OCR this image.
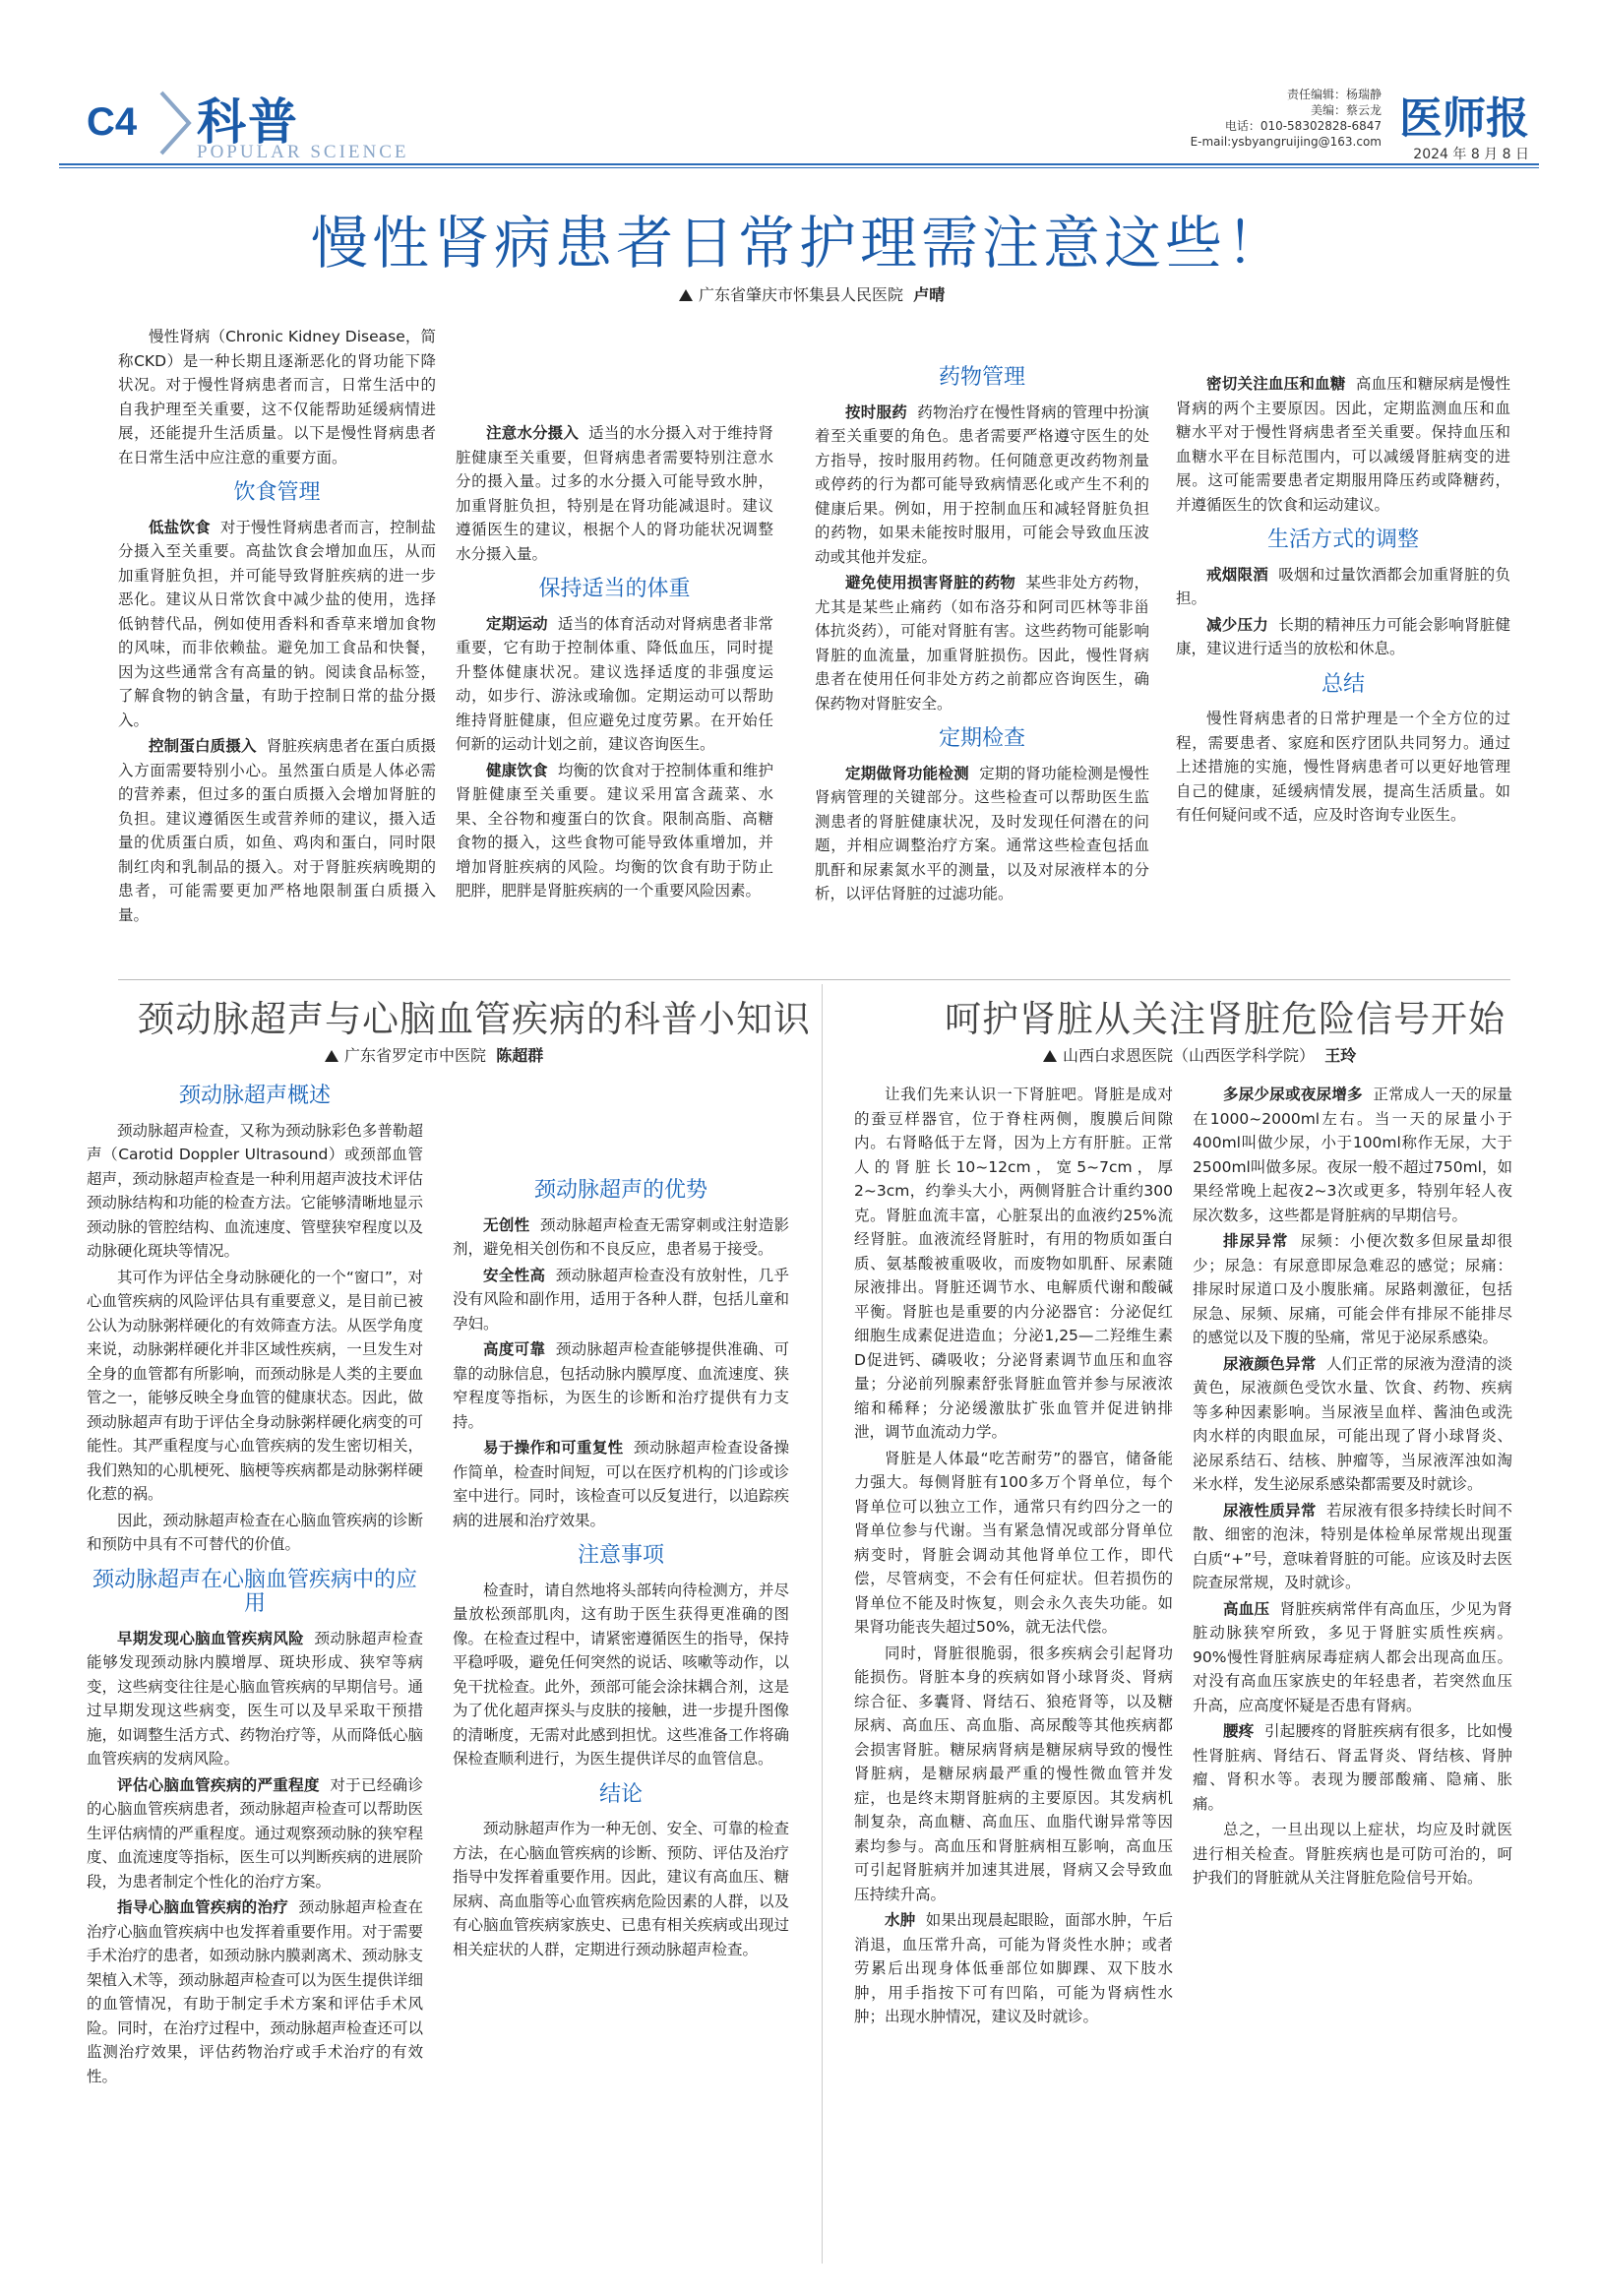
C4 科普
POPULAR SCIENCE
责任编辑：杨瑞静
美编：蔡云龙
电话：010-58302828-6847
E-mail:ysbyangruijing@163.com 医师报
2024 年 8 月 8 日
慢性肾病患者日常护理需注意这些！
广东省肇庆市怀集县人民医院 卢晴

慢性肾病（Chronic Kidney Disease，简称CKD）是一种长期且逐渐恶化的肾功能下降状况。对于慢性肾病患者而言，日常生活中的自我护理至关重要，这不仅能帮助延缓病情进展，还能提升生活质量。以下是慢性肾病患者在日常生活中应注意的重要方面。

饮食管理

低盐饮食 对于慢性肾病患者而言，控制盐分摄入至关重要。高盐饮食会增加血压，从而加重肾脏负担，并可能导致肾脏疾病的进一步恶化。建议从日常饮食中减少盐的使用，选择低钠替代品，例如使用香料和香草来增加食物的风味，而非依赖盐。避免加工食品和快餐，因为这些通常含有高量的钠。阅读食品标签，了解食物的钠含量，有助于控制日常的盐分摄入。

控制蛋白质摄入 肾脏疾病患者在蛋白质摄入方面需要特别小心。虽然蛋白质是人体必需的营养素，但过多的蛋白质摄入会增加肾脏的负担。建议遵循医生或营养师的建议，摄入适量的优质蛋白质，如鱼、鸡肉和蛋白，同时限制红肉和乳制品的摄入。对于肾脏疾病晚期的患者，可能需要更加严格地限制蛋白质摄入量。

注意水分摄入 适当的水分摄入对于维持肾脏健康至关重要，但肾病患者需要特别注意水分的摄入量。过多的水分摄入可能导致水肿，加重肾脏负担，特别是在肾功能减退时。建议遵循医生的建议，根据个人的肾功能状况调整水分摄入量。

保持适当的体重

定期运动 适当的体育活动对肾病患者非常重要，它有助于控制体重、降低血压，同时提升整体健康状况。建议选择适度的非强度运动，如步行、游泳或瑜伽。定期运动可以帮助维持肾脏健康，但应避免过度劳累。在开始任何新的运动计划之前，建议咨询医生。

健康饮食 均衡的饮食对于控制体重和维护肾脏健康至关重要。建议采用富含蔬菜、水果、全谷物和瘦蛋白的饮食。限制高脂、高糖食物的摄入，这些食物可能导致体重增加，并增加肾脏疾病的风险。均衡的饮食有助于防止肥胖，肥胖是肾脏疾病的一个重要风险因素。

药物管理

按时服药 药物治疗在慢性肾病的管理中扮演着至关重要的角色。患者需要严格遵守医生的处方指导，按时服用药物。任何随意更改药物剂量或停药的行为都可能导致病情恶化或产生不利的健康后果。例如，用于控制血压和减轻肾脏负担的药物，如果未能按时服用，可能会导致血压波动或其他并发症。

避免使用损害肾脏的药物 某些非处方药物，尤其是某些止痛药（如布洛芬和阿司匹林等非甾体抗炎药），可能对肾脏有害。这些药物可能影响肾脏的血流量，加重肾脏损伤。因此，慢性肾病患者在使用任何非处方药之前都应咨询医生，确保药物对肾脏安全。

定期检查

定期做肾功能检测 定期的肾功能检测是慢性肾病管理的关键部分。这些检查可以帮助医生监测患者的肾脏健康状况，及时发现任何潜在的问题，并相应调整治疗方案。通常这些检查包括血肌酐和尿素氮水平的测量，以及对尿液样本的分析，以评估肾脏的过滤功能。

密切关注血压和血糖 高血压和糖尿病是慢性肾病的两个主要原因。因此，定期监测血压和血糖水平对于慢性肾病患者至关重要。保持血压和血糖水平在目标范围内，可以减缓肾脏病变的进展。这可能需要患者定期服用降压药或降糖药，并遵循医生的饮食和运动建议。

生活方式的调整

戒烟限酒 吸烟和过量饮酒都会加重肾脏的负担。

减少压力 长期的精神压力可能会影响肾脏健康，建议进行适当的放松和休息。

总结

慢性肾病患者的日常护理是一个全方位的过程，需要患者、家庭和医疗团队共同努力。通过上述措施的实施，慢性肾病患者可以更好地管理自己的健康，延缓病情发展，提高生活质量。如有任何疑问或不适，应及时咨询专业医生。

颈动脉超声与心脑血管疾病的科普小知识
广东省罗定市中医院 陈超群
颈动脉超声概述

颈动脉超声检查，又称为颈动脉彩色多普勒超声（Carotid Doppler Ultrasound）或颈部血管超声，颈动脉超声检查是一种利用超声波技术评估颈动脉结构和功能的检查方法。它能够清晰地显示颈动脉的管腔结构、血流速度、管壁狭窄程度以及动脉硬化斑块等情况。

其可作为评估全身动脉硬化的一个“窗口”，对心血管疾病的风险评估具有重要意义，是目前已被公认为动脉粥样硬化的有效筛查方法。从医学角度来说，动脉粥样硬化并非区域性疾病，一旦发生对全身的血管都有所影响，而颈动脉是人类的主要血管之一，能够反映全身血管的健康状态。因此，做颈动脉超声有助于评估全身动脉粥样硬化病变的可能性。其严重程度与心血管疾病的发生密切相关，我们熟知的心肌梗死、脑梗等疾病都是动脉粥样硬化惹的祸。

因此，颈动脉超声检查在心脑血管疾病的诊断和预防中具有不可替代的价值。

颈动脉超声在心脑血管疾病中的应用

早期发现心脑血管疾病风险 颈动脉超声检查能够发现颈动脉内膜增厚、斑块形成、狭窄等病变，这些病变往往是心脑血管疾病的早期信号。通过早期发现这些病变，医生可以及早采取干预措施，如调整生活方式、药物治疗等，从而降低心脑血管疾病的发病风险。

评估心脑血管疾病的严重程度 对于已经确诊的心脑血管疾病患者，颈动脉超声检查可以帮助医生评估病情的严重程度。通过观察颈动脉的狭窄程度、血流速度等指标，医生可以判断疾病的进展阶段，为患者制定个性化的治疗方案。

指导心脑血管疾病的治疗 颈动脉超声检查在治疗心脑血管疾病中也发挥着重要作用。对于需要手术治疗的患者，如颈动脉内膜剥离术、颈动脉支架植入术等，颈动脉超声检查可以为医生提供详细的血管情况，有助于制定手术方案和评估手术风险。同时，在治疗过程中，颈动脉超声检查还可以监测治疗效果，评估药物治疗或手术治疗的有效性。

颈动脉超声的优势

无创性 颈动脉超声检查无需穿刺或注射造影剂，避免相关创伤和不良反应，患者易于接受。

安全性高 颈动脉超声检查没有放射性，几乎没有风险和副作用，适用于各种人群，包括儿童和孕妇。

高度可靠 颈动脉超声检查能够提供准确、可靠的动脉信息，包括动脉内膜厚度、血流速度、狭窄程度等指标，为医生的诊断和治疗提供有力支持。

易于操作和可重复性 颈动脉超声检查设备操作简单，检查时间短，可以在医疗机构的门诊或诊室中进行。同时，该检查可以反复进行，以追踪疾病的进展和治疗效果。

注意事项

检查时，请自然地将头部转向待检测方，并尽量放松颈部肌肉，这有助于医生获得更准确的图像。在检查过程中，请紧密遵循医生的指导，保持平稳呼吸，避免任何突然的说话、咳嗽等动作，以免干扰检查。此外，颈部可能会涂抹耦合剂，这是为了优化超声探头与皮肤的接触，进一步提升图像的清晰度，无需对此感到担忧。这些准备工作将确保检查顺利进行，为医生提供详尽的血管信息。

结论

颈动脉超声作为一种无创、安全、可靠的检查方法，在心脑血管疾病的诊断、预防、评估及治疗指导中发挥着重要作用。因此，建议有高血压、糖尿病、高血脂等心血管疾病危险因素的人群，以及有心脑血管疾病家族史、已患有相关疾病或出现过相关症状的人群，定期进行颈动脉超声检查。

呵护肾脏从关注肾脏危险信号开始
山西白求恩医院（山西医学科学院） 王玲

让我们先来认识一下肾脏吧。肾脏是成对的蚕豆样器官，位于脊柱两侧，腹膜后间隙内。右肾略低于左肾，因为上方有肝脏。正常人的肾脏长10~12cm，宽5~7cm，厚2~3cm，约拳头大小，两侧肾脏合计重约300克。肾脏血流丰富，心脏泵出的血液约25%流经肾脏。血液流经肾脏时，有用的物质如蛋白质、氨基酸被重吸收，而废物如肌酐、尿素随尿液排出。肾脏还调节水、电解质代谢和酸碱平衡。肾脏也是重要的内分泌器官：分泌促红细胞生成素促进造血；分泌1,25—二羟维生素D促进钙、磷吸收；分泌肾素调节血压和血容量；分泌前列腺素舒张肾脏血管并参与尿液浓缩和稀释；分泌缓激肽扩张血管并促进钠排泄，调节血流动力学。

肾脏是人体最“吃苦耐劳”的器官，储备能力强大。每侧肾脏有100多万个肾单位，每个肾单位可以独立工作，通常只有约四分之一的肾单位参与代谢。当有紧急情况或部分肾单位病变时，肾脏会调动其他肾单位工作，即代偿，尽管病变，不会有任何症状。但若损伤的肾单位不能及时恢复，则会永久丧失功能。如果肾功能丧失超过50%，就无法代偿。

同时，肾脏很脆弱，很多疾病会引起肾功能损伤。肾脏本身的疾病如肾小球肾炎、肾病综合征、多囊肾、肾结石、狼疮肾等，以及糖尿病、高血压、高血脂、高尿酸等其他疾病都会损害肾脏。糖尿病肾病是糖尿病导致的慢性肾脏病，是糖尿病最严重的慢性微血管并发症，也是终末期肾脏病的主要原因。其发病机制复杂，高血糖、高血压、血脂代谢异常等因素均参与。高血压和肾脏病相互影响，高血压可引起肾脏病并加速其进展，肾病又会导致血压持续升高。

水肿 如果出现晨起眼睑，面部水肿，午后消退，血压常升高，可能为肾炎性水肿；或者劳累后出现身体低垂部位如脚踝、双下肢水肿，用手指按下可有凹陷，可能为肾病性水肿；出现水肿情况，建议及时就诊。

多尿少尿或夜尿增多 正常成人一天的尿量在1000~2000ml左右。当一天的尿量小于400ml叫做少尿，小于100ml称作无尿，大于2500ml叫做多尿。夜尿一般不超过750ml，如果经常晚上起夜2~3次或更多，特别年轻人夜尿次数多，这些都是肾脏病的早期信号。

排尿异常 尿频：小便次数多但尿量却很少；尿急：有尿意即尿急难忍的感觉；尿痛：排尿时尿道口及小腹胀痛。尿路刺激征，包括尿急、尿频、尿痛，可能会伴有排尿不能排尽的感觉以及下腹的坠痛，常见于泌尿系感染。

尿液颜色异常 人们正常的尿液为澄清的淡黄色，尿液颜色受饮水量、饮食、药物、疾病等多种因素影响。当尿液呈血样、酱油色或洗肉水样的肉眼血尿，可能出现了肾小球肾炎、泌尿系结石、结核、肿瘤等，当尿液浑浊如淘米水样，发生泌尿系感染都需要及时就诊。

尿液性质异常 若尿液有很多持续长时间不散、细密的泡沫，特别是体检单尿常规出现蛋白质“+”号，意味着肾脏的可能。应该及时去医院查尿常规，及时就诊。

高血压 肾脏疾病常伴有高血压，少见为肾脏动脉狭窄所致，多见于肾脏实质性疾病。90%慢性肾脏病尿毒症病人都会出现高血压。对没有高血压家族史的年轻患者，若突然血压升高，应高度怀疑是否患有肾病。

腰疼 引起腰疼的肾脏疾病有很多，比如慢性肾脏病、肾结石、肾盂肾炎、肾结核、肾肿瘤、肾积水等。表现为腰部酸痛、隐痛、胀痛。

总之，一旦出现以上症状，均应及时就医进行相关检查。肾脏疾病也是可防可治的，呵护我们的肾脏就从关注肾脏危险信号开始。
